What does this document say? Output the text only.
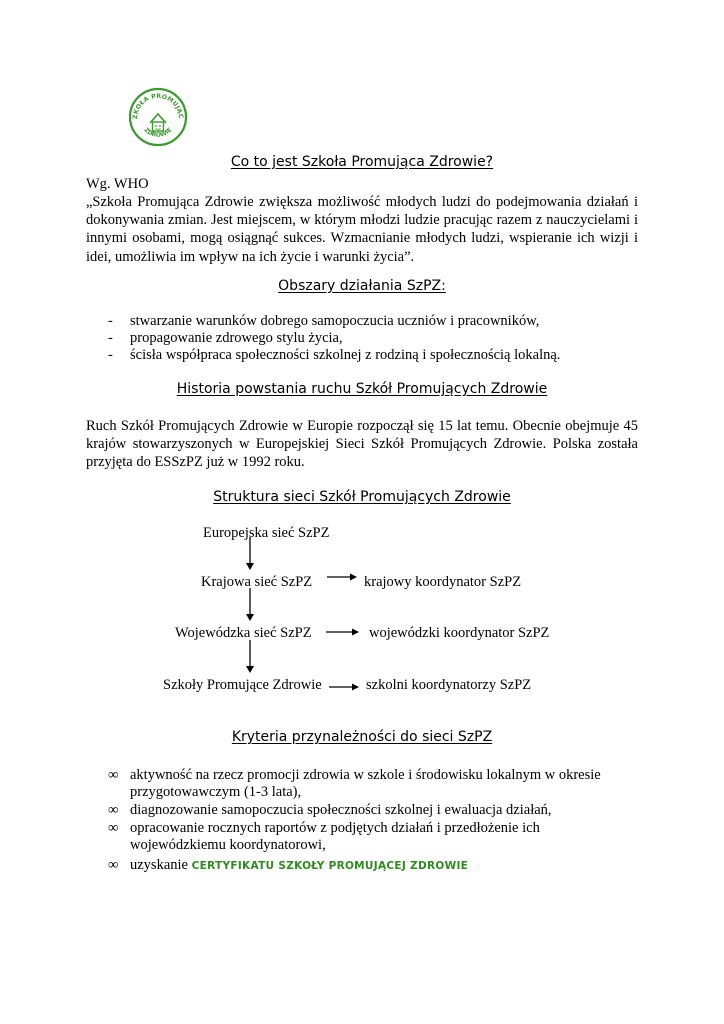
ZKOŁA PROMUJĄC
ZDROWIE
Co to jest Szkoła Promująca Zdrowie?
Wg. WHO

„Szkoła Promująca Zdrowie zwiększa możliwość młodych ludzi do podejmowania działań i dokonywania zmian. Jest miejscem, w którym młodzi ludzie pracując razem z nauczycielami i innymi osobami, mogą osiągnąć sukces. Wzmacnianie młodych ludzi, wspieranie ich wizji i idei, umożliwia im wpływ na ich życie i warunki życia”.

Obszary działania SzPZ:
- stwarzanie warunków dobrego samopoczucia uczniów i pracowników,
- propagowanie zdrowego stylu życia,
- ścisła współpraca społeczności szkolnej z rodziną i społecznością lokalną.
Historia powstania ruchu Szkół Promujących Zdrowie

Ruch Szkół Promujących Zdrowie w Europie rozpoczął się 15 lat temu. Obecnie obejmuje 45 krajów stowarzyszonych w Europejskiej Sieci Szkół Promujących Zdrowie. Polska została przyjęta do ESSzPZ już w 1992 roku.

Struktura sieci Szkół Promujących Zdrowie
Europejska sieć SzPZ
Krajowa sieć SzPZ	krajowy koordynator SzPZ
Wojewódzka sieć SzPZ	wojewódzki koordynator SzPZ
Szkoły Promujące Zdrowie	szkolni koordynatorzy SzPZ
Kryteria przynależności do sieci SzPZ
∞ aktywność na rzecz promocji zdrowia w szkole i środowisku lokalnym w okresie
przygotowawczym (1-3 lata),
∞ diagnozowanie samopoczucia społeczności szkolnej i ewaluacja działań,
∞ opracowanie rocznych raportów z podjętych działań i przedłożenie ich
wojewódzkiemu koordynatorowi,
∞ uzyskanie CERTYFIKATU SZKOŁY PROMUJĄCEJ ZDROWIE
